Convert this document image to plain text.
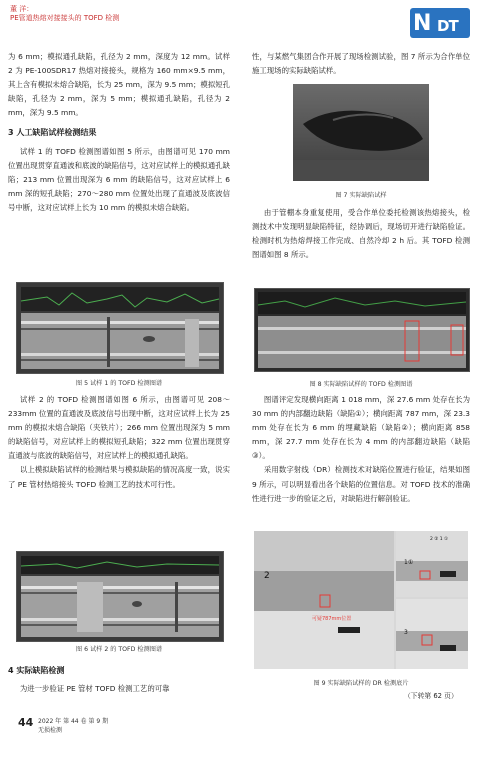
董 洋：
PE管道热熔对接接头的 TOFD 检测	N DT

为 6 mm；模拟通孔缺陷，孔径为 2 mm，深度为 12 mm。试样 2 为 PE-100SDR17 热熔对接接头，规格为 160 mm×9.5 mm，其上含有模拟未熔合缺陷，长为 25 mm，深为 9.5 mm；模拟短孔缺陷，孔径为 2 mm，深为 5 mm；模拟通孔缺陷，孔径为 2 mm，深为 9.5 mm。

3 人工缺陷试样检测结果

试样 1 的 TOFD 检测图谱如图 5 所示，由图谱可见 170 mm 位置出现贯穿直通波和底波的缺陷信号，这对应试样上的模拟通孔缺陷；213 mm 位置出现深为 6 mm 的缺陷信号，这对应试样上 6 mm 深的短孔缺陷；270～280 mm 位置处出现了直通波及底波信号中断，这对应试样上长为 10 mm 的模拟未熔合缺陷。

图 5 试样 1 的 TOFD 检测图谱

试样 2 的 TOFD 检测图谱如图 6 所示，由图谱可见 208～233mm 位置的直通波及底波信号出现中断，这对应试样上长为 25 mm 的模拟未熔合缺陷（夹铁片）；266 mm 位置出现深为 5 mm 的缺陷信号，对应试样上的模拟短孔缺陷；322 mm 位置出现贯穿直通波与底波的缺陷信号，对应试样上的模拟通孔缺陷。

以上模拟缺陷试样的检测结果与模拟缺陷的情况高度一致，说实了 PE 管材热熔接头 TOFD 检测工艺的技术可行性。

图 6 试样 2 的 TOFD 检测图谱

4 实际缺陷检测

为进一步验证 PE 管材 TOFD 检测工艺的可靠

性，与某燃气集团合作开展了现场检测试验，图 7 所示为合作单位施工现场的实际缺陷试样。

图 7 实际缺陷试样

由于管棚本身重复使用，受合作单位委托检测该热熔接头，检测技术中发现明显缺陷特征，经协调后，现场切开进行缺陷验证。检测时机为热熔焊接工作完成、自然冷却 2 h 后。其 TOFD 检测图谱如图 8 所示。

图 8 实际缺陷试样的 TOFD 检测图谱

图谱评定发现横向距离 1 018 mm，深 27.6 mm 处存在长为 30 mm 的内部翻边缺陷（缺陷①）；横向距离 787 mm，深 23.3 mm 处存在长为 6 mm 的埋藏缺陷（缺陷②）；横向距离 858 mm，深 27.7 mm 处存在长为 4 mm 的内部翻边缺陷（缺陷③）。

采用数字射线（DR）检测技术对缺陷位置进行验证，结果如图 9 所示，可以明显看出各个缺陷的位置信息。对 TOFD 技术的准确性进行进一步的验证之后，对缺陷进行解剖验证。

2
1①
3
可疑787mm位置
2 ② 1 ①
图 9 实际缺陷试样的 DR 检测底片
（下转第 62 页）
44 2022 年 第 44 卷 第 9 期
无损检测
